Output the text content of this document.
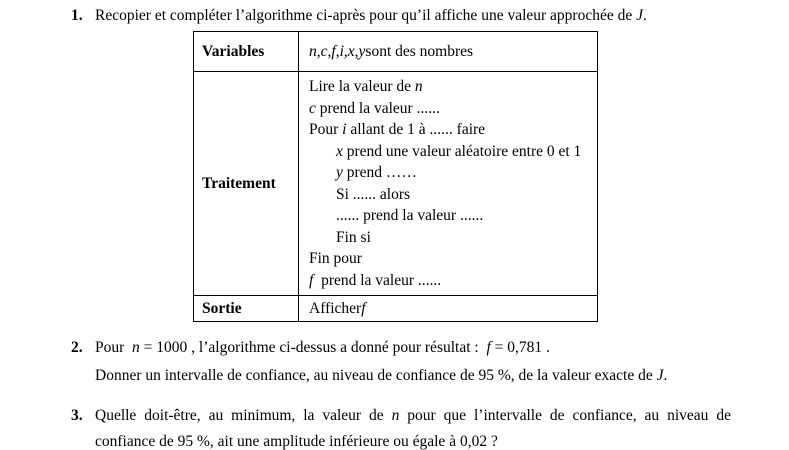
1. Recopier et compléter l’algorithme ci-après pour qu’il affiche une valeur approchée de J.

Variables	n , c , f , i , x , y sont des nombres
Traitement
Lire la valeur de n
c prend la valeur ......
Pour i allant de 1 à ...... faire
x prend une valeur aléatoire entre 0 et 1
y prend ……
Si ...... alors
...... prend la valeur ......
Fin si
Fin pour
f  prend la valeur ......
Sortie	Afficher f
2. Pour  n = 1000 , l’algorithme ci-dessus a donné pour résultat :  f = 0,781 .

Donner un intervalle de confiance, au niveau de confiance de 95 %, de la valeur exacte de J.

3. Quelle doit-être, au minimum, la valeur de n pour que l’intervalle de confiance, au niveau de

confiance de 95 %, ait une amplitude inférieure ou égale à 0,02 ?
